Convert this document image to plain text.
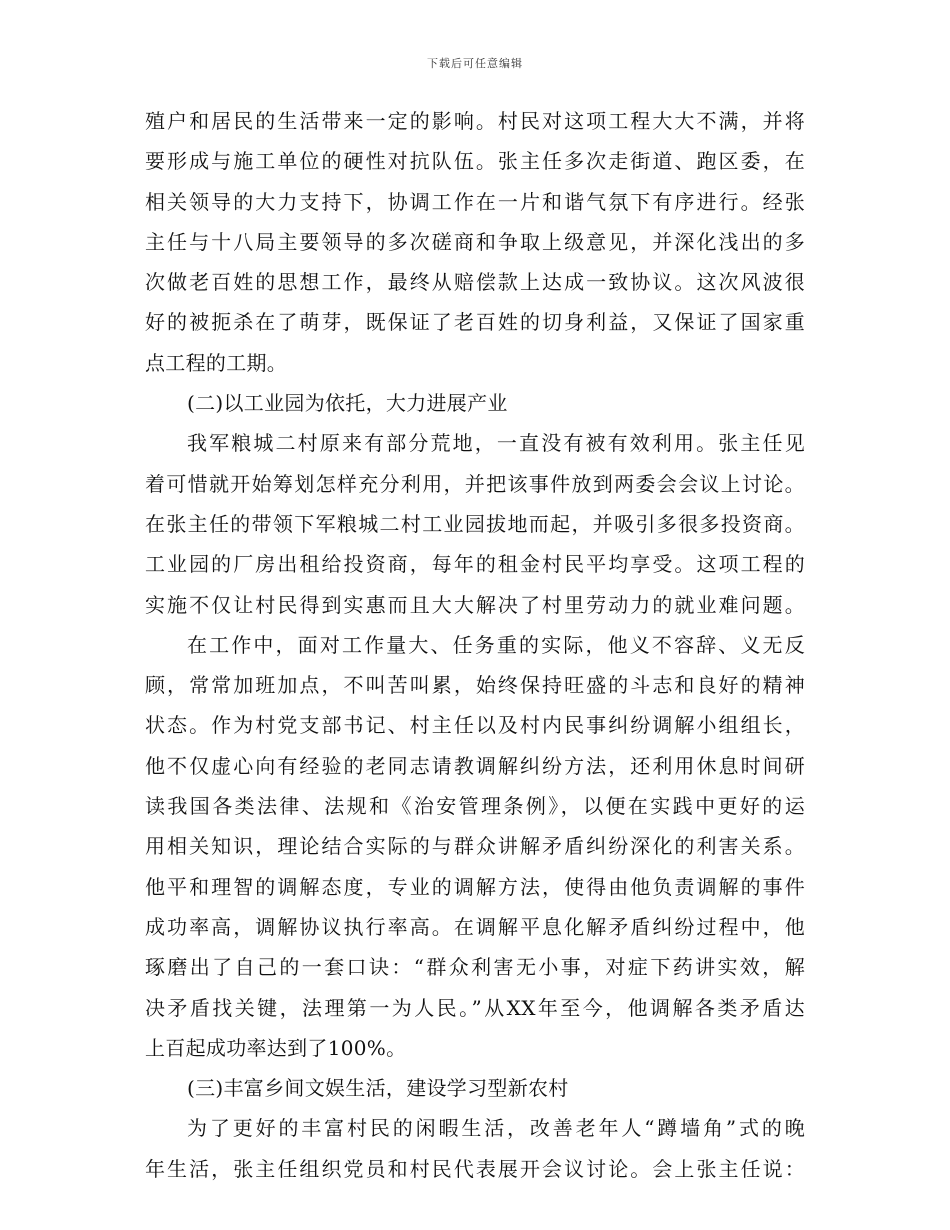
下载后可任意编辑
殖户和居民的生活带来一定的影响。村民对这项工程大大不满，并将
要形成与施工单位的硬性对抗队伍。张主任多次走街道、跑区委，在
相关领导的大力支持下，协调工作在一片和谐气氛下有序进行。经张
主任与十八局主要领导的多次磋商和争取上级意见，并深化浅出的多
次做老百姓的思想工作，最终从赔偿款上达成一致协议。这次风波很
好的被扼杀在了萌芽，既保证了老百姓的切身利益，又保证了国家重
点工程的工期。
(二)以工业园为依托，大力进展产业
我军粮城二村原来有部分荒地，一直没有被有效利用。张主任见
着可惜就开始筹划怎样充分利用，并把该事件放到两委会会议上讨论。
在张主任的带领下军粮城二村工业园拔地而起，并吸引多很多投资商。
工业园的厂房出租给投资商，每年的租金村民平均享受。这项工程的
实施不仅让村民得到实惠而且大大解决了村里劳动力的就业难问题。
在工作中，面对工作量大、任务重的实际，他义不容辞、义无反
顾，常常加班加点，不叫苦叫累，始终保持旺盛的斗志和良好的精神
状态。作为村党支部书记、村主任以及村内民事纠纷调解小组组长，
他不仅虚心向有经验的老同志请教调解纠纷方法，还利用休息时间研
读我国各类法律、法规和《治安管理条例》，以便在实践中更好的运
用相关知识，理论结合实际的与群众讲解矛盾纠纷深化的利害关系。
他平和理智的调解态度，专业的调解方法，使得由他负责调解的事件
成功率高，调解协议执行率高。在调解平息化解矛盾纠纷过程中，他
琢磨出了自己的一套口诀：“群众利害无小事，对症下药讲实效，解
决矛盾找关键，法理第一为人民。”从XX年至今，他调解各类矛盾达
上百起成功率达到了100%。
(三)丰富乡间文娱生活，建设学习型新农村
为了更好的丰富村民的闲暇生活，改善老年人“蹲墙角”式的晚
年生活，张主任组织党员和村民代表展开会议讨论。会上张主任说：
